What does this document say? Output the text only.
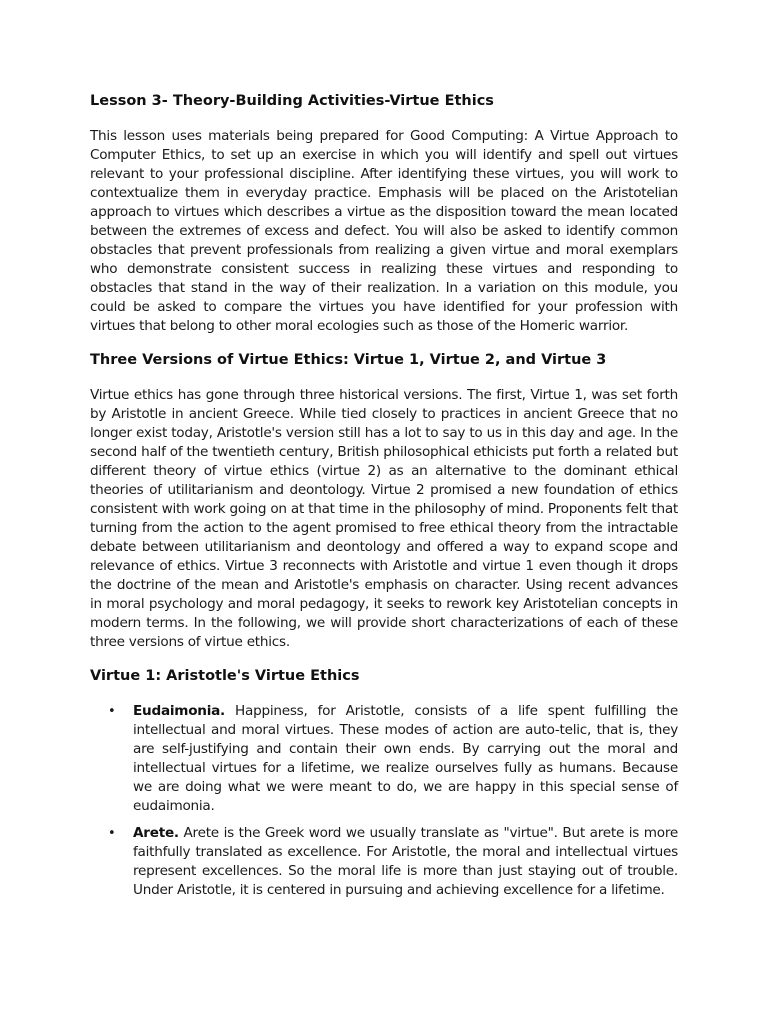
Lesson 3- Theory-Building Activities-Virtue Ethics

This lesson uses materials being prepared for Good Computing: A Virtue Approach to Computer Ethics, to set up an exercise in which you will identify and spell out virtues relevant to your professional discipline. After identifying these virtues, you will work to contextualize them in everyday practice. Emphasis will be placed on the Aristotelian approach to virtues which describes a virtue as the disposition toward the mean located between the extremes of excess and defect. You will also be asked to identify common obstacles that prevent professionals from realizing a given virtue and moral exemplars who demonstrate consistent success in realizing these virtues and responding to obstacles that stand in the way of their realization. In a variation on this module, you could be asked to compare the virtues you have identified for your profession with virtues that belong to other moral ecologies such as those of the Homeric warrior.

Three Versions of Virtue Ethics: Virtue 1, Virtue 2, and Virtue 3

Virtue ethics has gone through three historical versions. The first, Virtue 1, was set forth by Aristotle in ancient Greece. While tied closely to practices in ancient Greece that no longer exist today, Aristotle's version still has a lot to say to us in this day and age. In the second half of the twentieth century, British philosophical ethicists put forth a related but different theory of virtue ethics (virtue 2) as an alternative to the dominant ethical theories of utilitarianism and deontology. Virtue 2 promised a new foundation of ethics consistent with work going on at that time in the philosophy of mind. Proponents felt that turning from the action to the agent promised to free ethical theory from the intractable debate between utilitarianism and deontology and offered a way to expand scope and relevance of ethics. Virtue 3 reconnects with Aristotle and virtue 1 even though it drops the doctrine of the mean and Aristotle's emphasis on character. Using recent advances in moral psychology and moral pedagogy, it seeks to rework key Aristotelian concepts in modern terms. In the following, we will provide short characterizations of each of these three versions of virtue ethics.

Virtue 1: Aristotle's Virtue Ethics
• Eudaimonia. Happiness, for Aristotle, consists of a life spent fulfilling the intellectual and moral virtues. These modes of action are auto-telic, that is, they are self-justifying and contain their own ends. By carrying out the moral and intellectual virtues for a lifetime, we realize ourselves fully as humans. Because we are doing what we were meant to do, we are happy in this special sense of eudaimonia.
• Arete. Arete is the Greek word we usually translate as "virtue". But arete is more faithfully translated as excellence. For Aristotle, the moral and intellectual virtues represent excellences. So the moral life is more than just staying out of trouble. Under Aristotle, it is centered in pursuing and achieving excellence for a lifetime.
